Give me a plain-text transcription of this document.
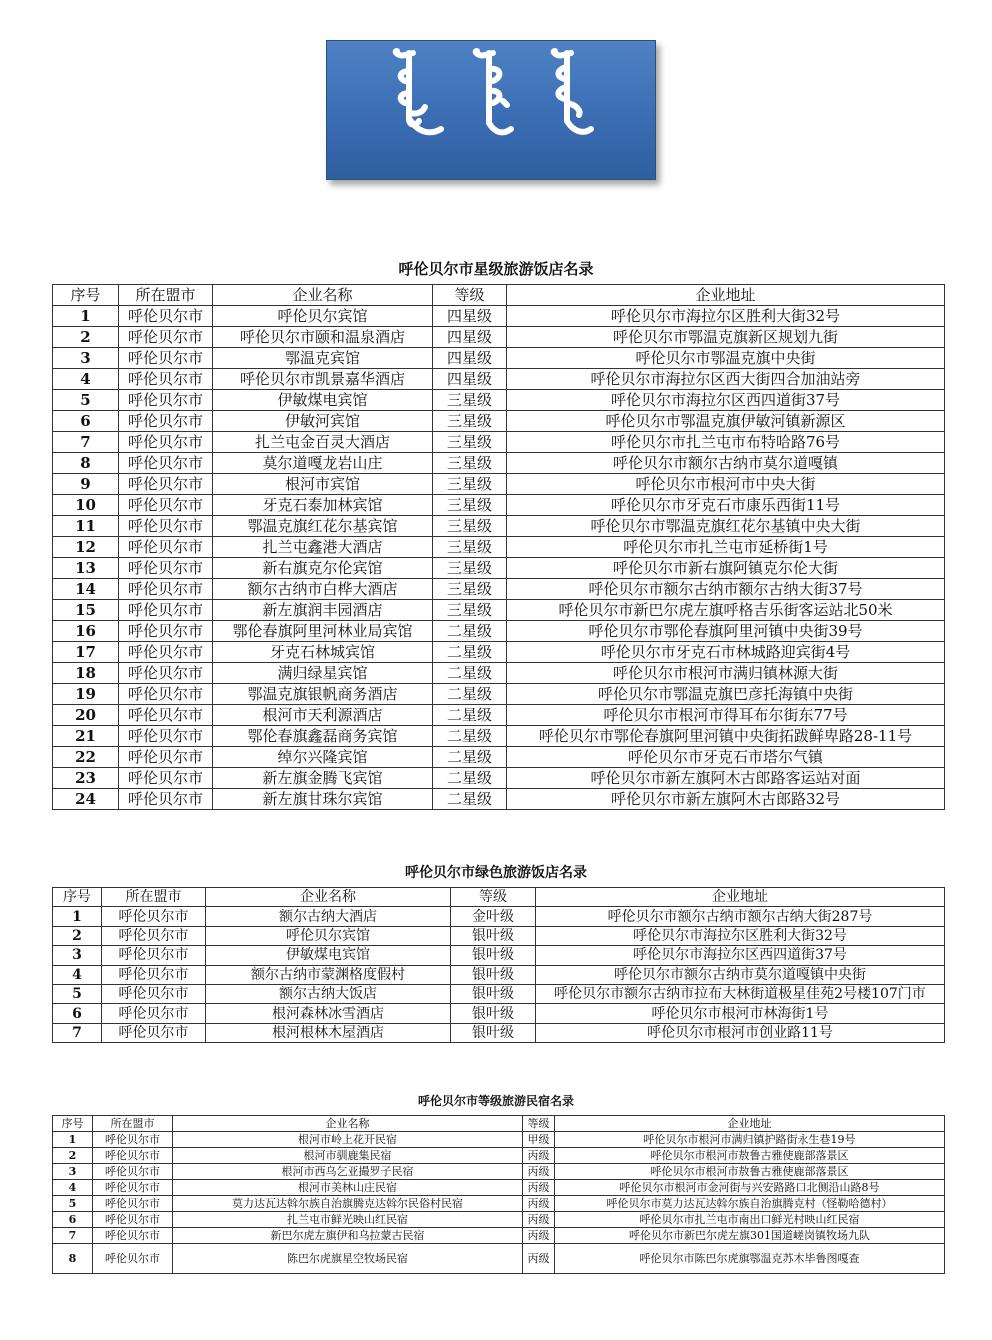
呼伦贝尔市星级旅游饭店名录
序号	所在盟市	企业名称	等级	企业地址
1	呼伦贝尔市	呼伦贝尔宾馆	四星级	呼伦贝尔市海拉尔区胜利大街32号
2	呼伦贝尔市	呼伦贝尔市颐和温泉酒店	四星级	呼伦贝尔市鄂温克旗新区规划九街
3	呼伦贝尔市	鄂温克宾馆	四星级	呼伦贝尔市鄂温克旗中央街
4	呼伦贝尔市	呼伦贝尔市凯景嘉华酒店	四星级	呼伦贝尔市海拉尔区西大街四合加油站旁
5	呼伦贝尔市	伊敏煤电宾馆	三星级	呼伦贝尔市海拉尔区西四道街37号
6	呼伦贝尔市	伊敏河宾馆	三星级	呼伦贝尔市鄂温克旗伊敏河镇新源区
7	呼伦贝尔市	扎兰屯金百灵大酒店	三星级	呼伦贝尔市扎兰屯市布特哈路76号
8	呼伦贝尔市	莫尔道嘎龙岩山庄	三星级	呼伦贝尔市额尔古纳市莫尔道嘎镇
9	呼伦贝尔市	根河市宾馆	三星级	呼伦贝尔市根河市中央大街
10	呼伦贝尔市	牙克石泰加林宾馆	三星级	呼伦贝尔市牙克石市康乐西街11号
11	呼伦贝尔市	鄂温克旗红花尔基宾馆	三星级	呼伦贝尔市鄂温克旗红花尔基镇中央大街
12	呼伦贝尔市	扎兰屯鑫港大酒店	三星级	呼伦贝尔市扎兰屯市延桥街1号
13	呼伦贝尔市	新右旗克尔伦宾馆	三星级	呼伦贝尔市新右旗阿镇克尔伦大街
14	呼伦贝尔市	额尔古纳市白桦大酒店	三星级	呼伦贝尔市额尔古纳市额尔古纳大街37号
15	呼伦贝尔市	新左旗润丰园酒店	三星级	呼伦贝尔市新巴尔虎左旗呼格吉乐街客运站北50米
16	呼伦贝尔市	鄂伦春旗阿里河林业局宾馆	二星级	呼伦贝尔市鄂伦春旗阿里河镇中央街39号
17	呼伦贝尔市	牙克石林城宾馆	二星级	呼伦贝尔市牙克石市林城路迎宾街4号
18	呼伦贝尔市	满归绿星宾馆	二星级	呼伦贝尔市根河市满归镇林源大街
19	呼伦贝尔市	鄂温克旗银帆商务酒店	二星级	呼伦贝尔市鄂温克旗巴彦托海镇中央街
20	呼伦贝尔市	根河市天利源酒店	二星级	呼伦贝尔市根河市得耳布尔街东77号
21	呼伦贝尔市	鄂伦春旗鑫磊商务宾馆	二星级	呼伦贝尔市鄂伦春旗阿里河镇中央街拓跋鲜卑路28-11号
22	呼伦贝尔市	绰尔兴隆宾馆	二星级	呼伦贝尔市牙克石市塔尔气镇
23	呼伦贝尔市	新左旗金腾飞宾馆	二星级	呼伦贝尔市新左旗阿木古郎路客运站对面
24	呼伦贝尔市	新左旗甘珠尔宾馆	二星级	呼伦贝尔市新左旗阿木古郎路32号
呼伦贝尔市绿色旅游饭店名录
序号	所在盟市	企业名称	等级	企业地址
1	呼伦贝尔市	额尔古纳大酒店	金叶级	呼伦贝尔市额尔古纳市额尔古纳大街287号
2	呼伦贝尔市	呼伦贝尔宾馆	银叶级	呼伦贝尔市海拉尔区胜利大街32号
3	呼伦贝尔市	伊敏煤电宾馆	银叶级	呼伦贝尔市海拉尔区西四道街37号
4	呼伦贝尔市	额尔古纳市蒙渊格度假村	银叶级	呼伦贝尔市额尔古纳市莫尔道嘎镇中央街
5	呼伦贝尔市	额尔古纳大饭店	银叶级	呼伦贝尔市额尔古纳市拉布大林街道极星佳苑2号楼107门市
6	呼伦贝尔市	根河森林冰雪酒店	银叶级	呼伦贝尔市根河市林海街1号
7	呼伦贝尔市	根河根林木屋酒店	银叶级	呼伦贝尔市根河市创业路11号
呼伦贝尔市等级旅游民宿名录
序号	所在盟市	企业名称	等级	企业地址
1	呼伦贝尔市	根河市岭上花开民宿	甲级	呼伦贝尔市根河市满归镇护路街永生巷19号
2	呼伦贝尔市	根河市驯鹿集民宿	丙级	呼伦贝尔市根河市敖鲁古雅使鹿部落景区
3	呼伦贝尔市	根河市西乌乞亚撮罗子民宿	丙级	呼伦贝尔市根河市敖鲁古雅使鹿部落景区
4	呼伦贝尔市	根河市美林山庄民宿	丙级	呼伦贝尔市根河市金河街与兴安路路口北侧沿山路8号
5	呼伦贝尔市	莫力达瓦达斡尔族自治旗腾克达斡尔民俗村民宿	丙级	呼伦贝尔市莫力达瓦达斡尔族自治旗腾克村（怪勒哈德村）
6	呼伦贝尔市	扎兰屯市鲜光映山红民宿	丙级	呼伦贝尔市扎兰屯市南出口鲜光村映山红民宿
7	呼伦贝尔市	新巴尔虎左旗伊和乌拉蒙古民宿	丙级	呼伦贝尔市新巴尔虎左旗301国道嵯岗镇牧场九队
8	呼伦贝尔市	陈巴尔虎旗星空牧场民宿	丙级	呼伦贝尔市陈巴尔虎旗鄂温克苏木毕鲁图嘎查
